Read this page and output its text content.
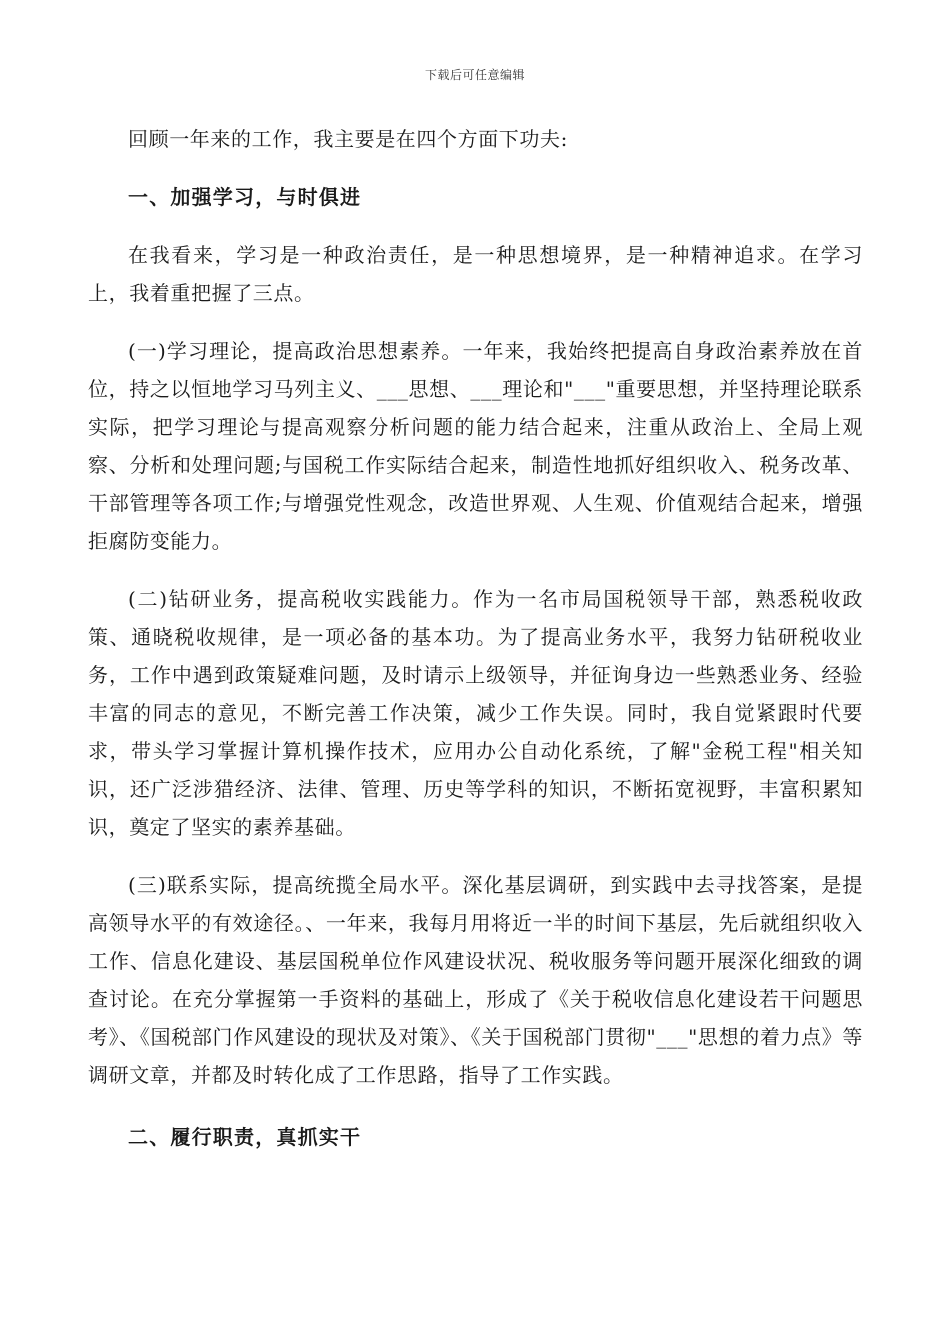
下载后可任意编辑

回顾一年来的工作，我主要是在四个方面下功夫:

一、加强学习，与时俱进

在我看来，学习是一种政治责任，是一种思想境界，是一种精神追求。在学习上，我着重把握了三点。

(一)学习理论，提高政治思想素养。一年来，我始终把提高自身政治素养放在首位，持之以恒地学习马列主义、___思想、___理论和"___"重要思想，并坚持理论联系实际，把学习理论与提高观察分析问题的能力结合起来，注重从政治上、全局上观察、分析和处理问题;与国税工作实际结合起来，制造性地抓好组织收入、税务改革、干部管理等各项工作;与增强党性观念，改造世界观、人生观、价值观结合起来，增强拒腐防变能力。

(二)钻研业务，提高税收实践能力。作为一名市局国税领导干部，熟悉税收政策、通晓税收规律，是一项必备的基本功。为了提高业务水平，我努力钻研税收业务，工作中遇到政策疑难问题，及时请示上级领导，并征询身边一些熟悉业务、经验丰富的同志的意见，不断完善工作决策，减少工作失误。同时，我自觉紧跟时代要求，带头学习掌握计算机操作技术，应用办公自动化系统，了解"金税工程"相关知识，还广泛涉猎经济、法律、管理、历史等学科的知识，不断拓宽视野，丰富积累知识，奠定了坚实的素养基础。

(三)联系实际，提高统揽全局水平。深化基层调研，到实践中去寻找答案，是提高领导水平的有效途径。、一年来，我每月用将近一半的时间下基层，先后就组织收入工作、信息化建设、基层国税单位作风建设状况、税收服务等问题开展深化细致的调查讨论。在充分掌握第一手资料的基础上，形成了《关于税收信息化建设若干问题思考》、《国税部门作风建设的现状及对策》、《关于国税部门贯彻"___"思想的着力点》等调研文章，并都及时转化成了工作思路，指导了工作实践。

二、履行职责，真抓实干
